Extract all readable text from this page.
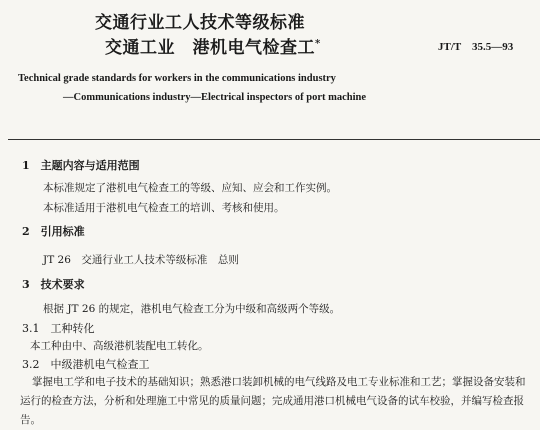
交通行业工人技术等级标准
交通工业　港机电气检查工*	JT/T　35.5—93
Technical grade standards for workers in the communications industry
—Communications industry—Electrical inspectors of port machine
1　主题内容与适用范围
本标准规定了港机电气检查工的等级、应知、应会和工作实例。
本标准适用于港机电气检查工的培训、考核和使用。
2　引用标准
JT 26　交通行业工人技术等级标准　总则
3　技术要求
根据 JT 26 的规定，港机电气检查工分为中级和高级两个等级。
3.1　工种转化
本工种由中、高级港机装配电工转化。
3.2　中级港机电气检查工
掌握电工学和电子技术的基础知识；熟悉港口装卸机械的电气线路及电工专业标准和工艺；掌握设备安装和运行的检查方法，分析和处理施工中常见的质量问题；完成通用港口机械电气设备的试车校验，并编写检查报告。
